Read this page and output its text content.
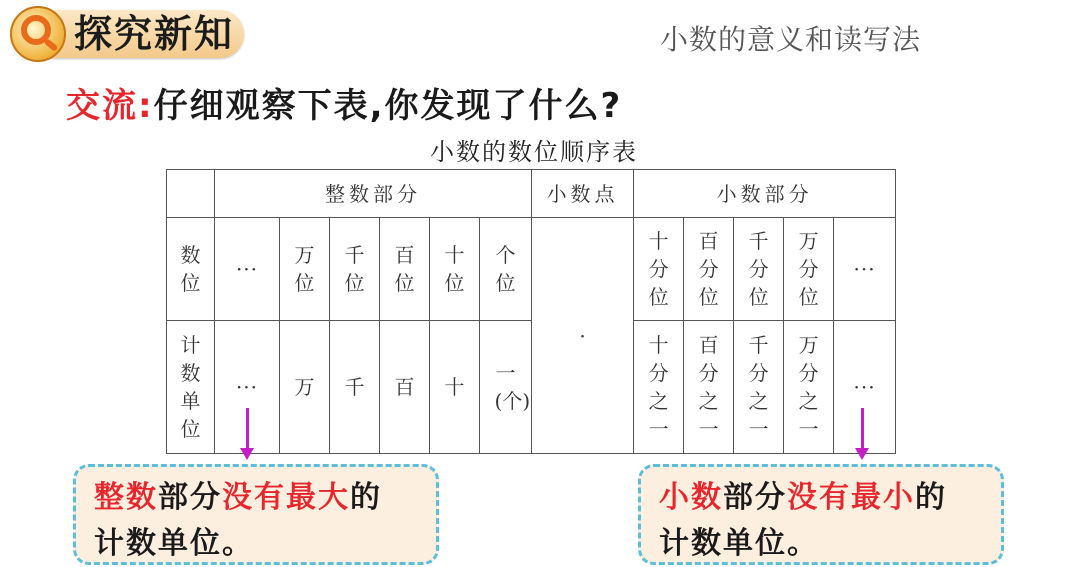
探究新知	小数的意义和读写法
交流:仔细观察下表,你发现了什么?
小数的数位顺序表
	整数部分						小数点	小数部分				
数位	···	万位	千位	百位	十位	个位	·	十分位	百分位	千分位	万分位	···
计数单位	···	万	千	百	十	一(个)		十分之一	百分之一	千分之一	万分之一	···
整数部分没有最大的
计数单位。
小数部分没有最小的
计数单位。
